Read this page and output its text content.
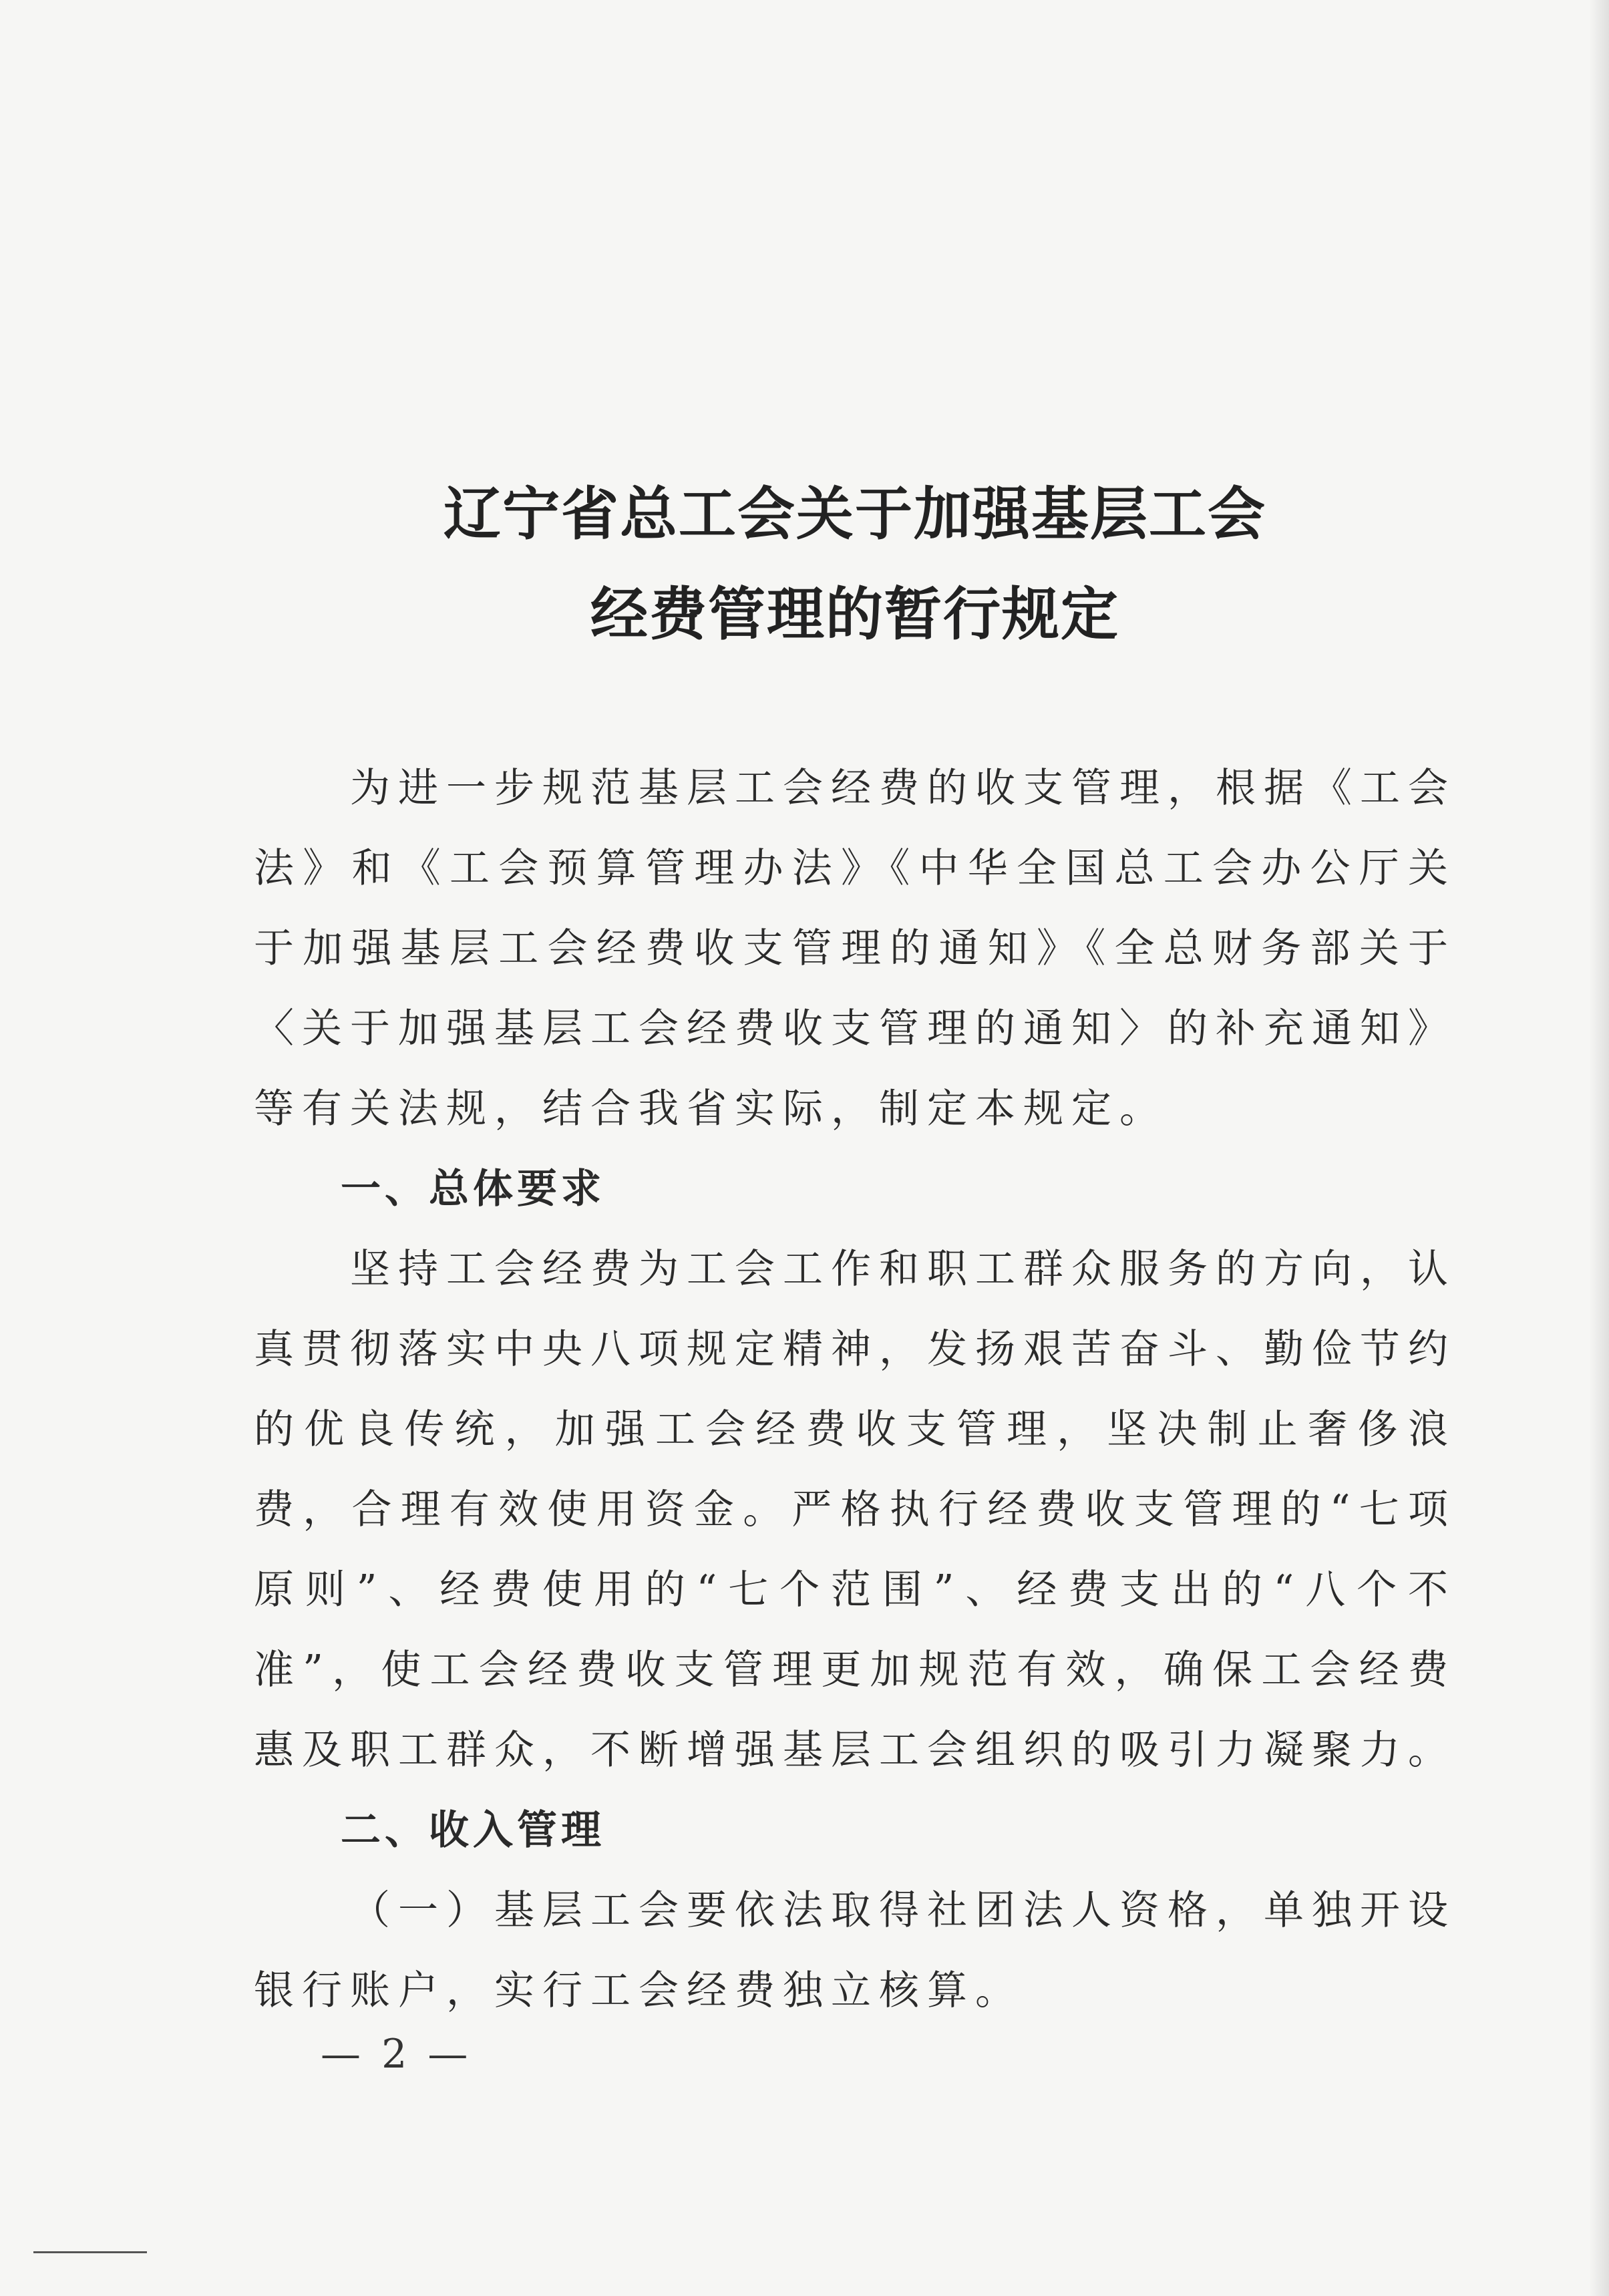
辽宁省总工会关于加强基层工会
经费管理的暂行规定

为进一步规范基层工会经费的收支管理，根据《工会法》和《工会预算管理办法》《中华全国总工会办公厅关于加强基层工会经费收支管理的通知》《全总财务部关于〈关于加强基层工会经费收支管理的通知〉的补充通知》等有关法规，结合我省实际，制定本规定。

一、总体要求

坚持工会经费为工会工作和职工群众服务的方向，认真贯彻落实中央八项规定精神，发扬艰苦奋斗、勤俭节约的优良传统，加强工会经费收支管理，坚决制止奢侈浪费，合理有效使用资金。严格执行经费收支管理的“七项原则”、经费使用的“七个范围”、经费支出的“八个不准”，使工会经费收支管理更加规范有效，确保工会经费惠及职工群众，不断增强基层工会组织的吸引力凝聚力。

二、收入管理

（一）基层工会要依法取得社团法人资格，单独开设银行账户，实行工会经费独立核算。

— 2 —
